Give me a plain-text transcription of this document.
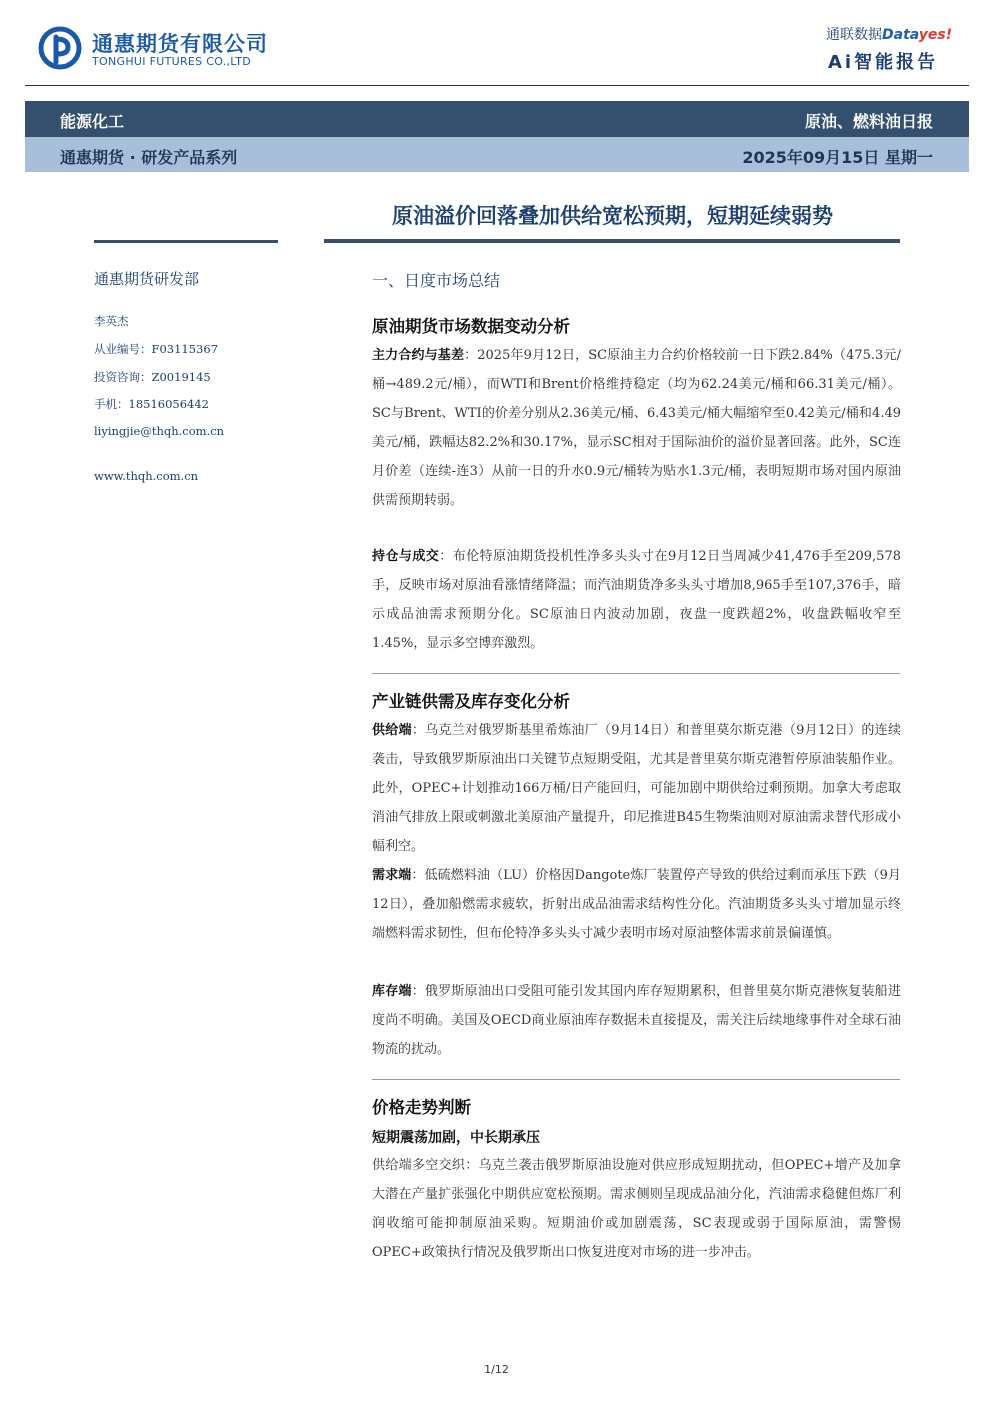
通惠期货有限公司
TONGHUI FUTURES CO.,LTD
通联数据Datayes!
Ai智能报告
能源化工	原油、燃料油日报
通惠期货 · 研发产品系列	2025年09月15日 星期一
原油溢价回落叠加供给宽松预期，短期延续弱势
通惠期货研发部
李英杰
从业编号：F03115367
投资咨询：Z0019145
手机：18516056442
liyingjie@thqh.com.cn
www.thqh.com.cn
一、日度市场总结
原油期货市场数据变动分析
主力合约与基差：2025年9月12日，SC原油主力合约价格较前一日下跌2.84%（475.3元/桶→489.2元/桶），而WTI和Brent价格维持稳定（均为62.24美元/桶和66.31美元/桶）。SC与Brent、WTI的价差分别从2.36美元/桶、6.43美元/桶大幅缩窄至0.42美元/桶和4.49美元/桶，跌幅达82.2%和30.17%，显示SC相对于国际油价的溢价显著回落。此外，SC连月价差（连续-连3）从前一日的升水0.9元/桶转为贴水1.3元/桶，表明短期市场对国内原油供需预期转弱。
持仓与成交：布伦特原油期货投机性净多头头寸在9月12日当周减少41,476手至209,578手，反映市场对原油看涨情绪降温；而汽油期货净多头头寸增加8,965手至107,376手，暗示成品油需求预期分化。SC原油日内波动加剧，夜盘一度跌超2%，收盘跌幅收窄至1.45%，显示多空博弈激烈。
产业链供需及库存变化分析
供给端：乌克兰对俄罗斯基里希炼油厂（9月14日）和普里莫尔斯克港（9月12日）的连续袭击，导致俄罗斯原油出口关键节点短期受阻，尤其是普里莫尔斯克港暂停原油装船作业。此外，OPEC+计划推动166万桶/日产能回归，可能加剧中期供给过剩预期。加拿大考虑取消油气排放上限或刺激北美原油产量提升，印尼推进B45生物柴油则对原油需求替代形成小幅利空。
需求端：低硫燃料油（LU）价格因Dangote炼厂装置停产导致的供给过剩而承压下跌（9月12日），叠加船燃需求疲软，折射出成品油需求结构性分化。汽油期货多头头寸增加显示终端燃料需求韧性，但布伦特净多头头寸减少表明市场对原油整体需求前景偏谨慎。
库存端：俄罗斯原油出口受阻可能引发其国内库存短期累积，但普里莫尔斯克港恢复装船进度尚不明确。美国及OECD商业原油库存数据未直接提及，需关注后续地缘事件对全球石油物流的扰动。
价格走势判断
短期震荡加剧，中长期承压
供给端多空交织：乌克兰袭击俄罗斯原油设施对供应形成短期扰动，但OPEC+增产及加拿大潜在产量扩张强化中期供应宽松预期。需求侧则呈现成品油分化，汽油需求稳健但炼厂利润收缩可能抑制原油采购。短期油价或加剧震荡，SC表现或弱于国际原油，需警惕OPEC+政策执行情况及俄罗斯出口恢复进度对市场的进一步冲击。
1/12
